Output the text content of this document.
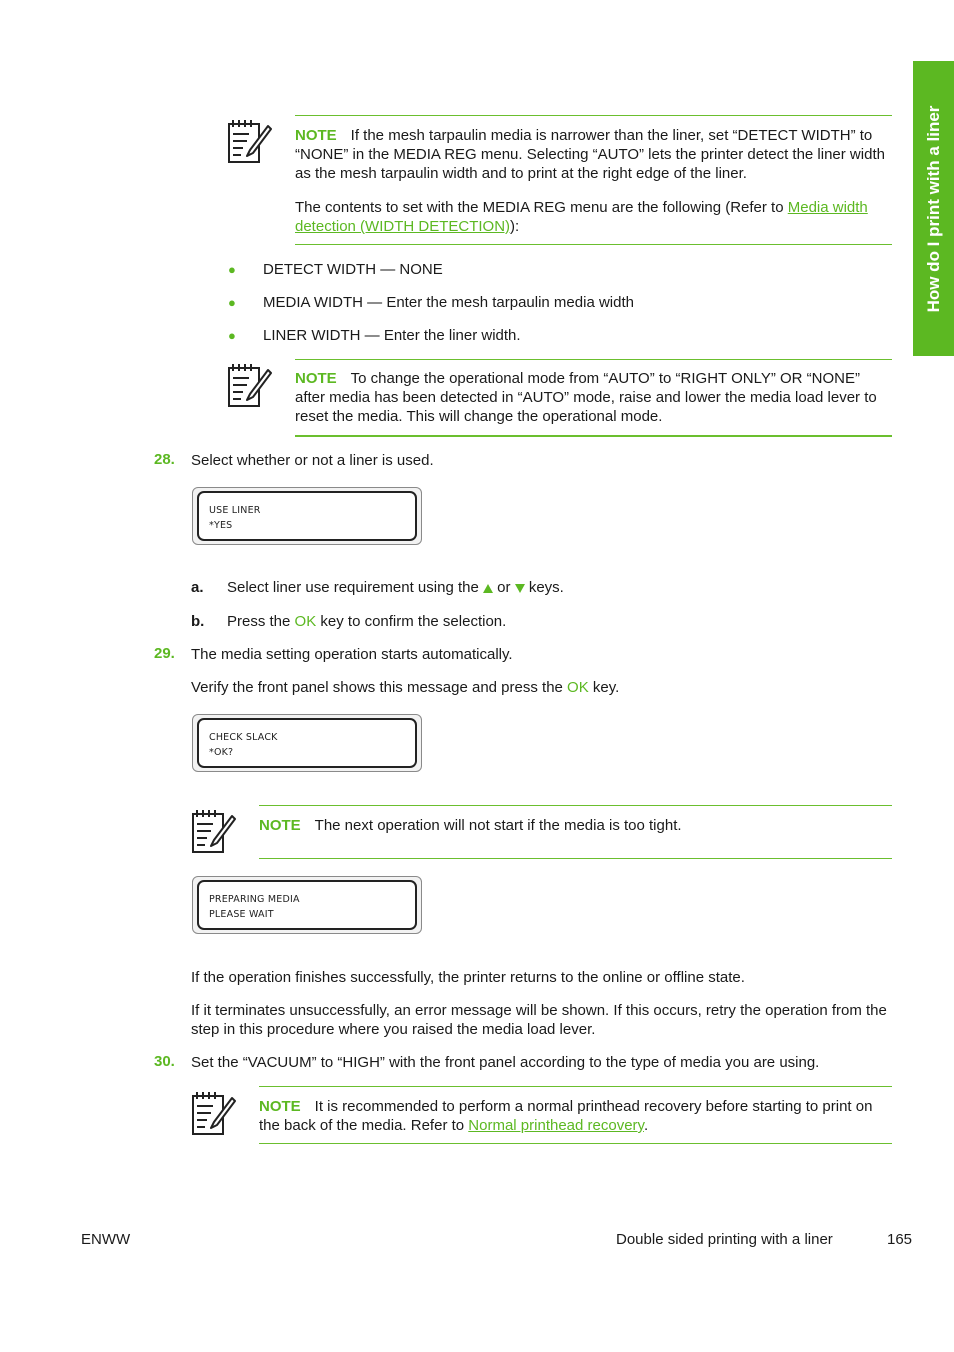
How do I print with a liner
NOTE If the mesh tarpaulin media is narrower than the liner, set “DETECT WIDTH” to “NONE” in the MEDIA REG menu. Selecting “AUTO” lets the printer detect the liner width as the mesh tarpaulin width and to print at the right edge of the liner.
The contents to set with the MEDIA REG menu are the following (Refer to Media width detection (WIDTH DETECTION)):
● DETECT WIDTH — NONE
● MEDIA WIDTH — Enter the mesh tarpaulin media width
● LINER WIDTH — Enter the liner width.
NOTE To change the operational mode from “AUTO” to “RIGHT ONLY” OR “NONE” after media has been detected in “AUTO” mode, raise and lower the media load lever to reset the media. This will change the operational mode.
28. Select whether or not a liner is used.
USE LINER
*YES
a. Select liner use requirement using the  or  keys.
b. Press the OK key to confirm the selection.
29. The media setting operation starts automatically.
Verify the front panel shows this message and press the OK key.
CHECK SLACK
*OK?
NOTE The next operation will not start if the media is too tight.
PREPARING MEDIA
PLEASE WAIT
If the operation finishes successfully, the printer returns to the online or offline state.
If it terminates unsuccessfully, an error message will be shown. If this occurs, retry the operation from the step in this procedure where you raised the media load lever.
30. Set the “VACUUM” to “HIGH” with the front panel according to the type of media you are using.
NOTE It is recommended to perform a normal printhead recovery before starting to print on the back of the media. Refer to Normal printhead recovery.
ENWW	Double sided printing with a liner	165
